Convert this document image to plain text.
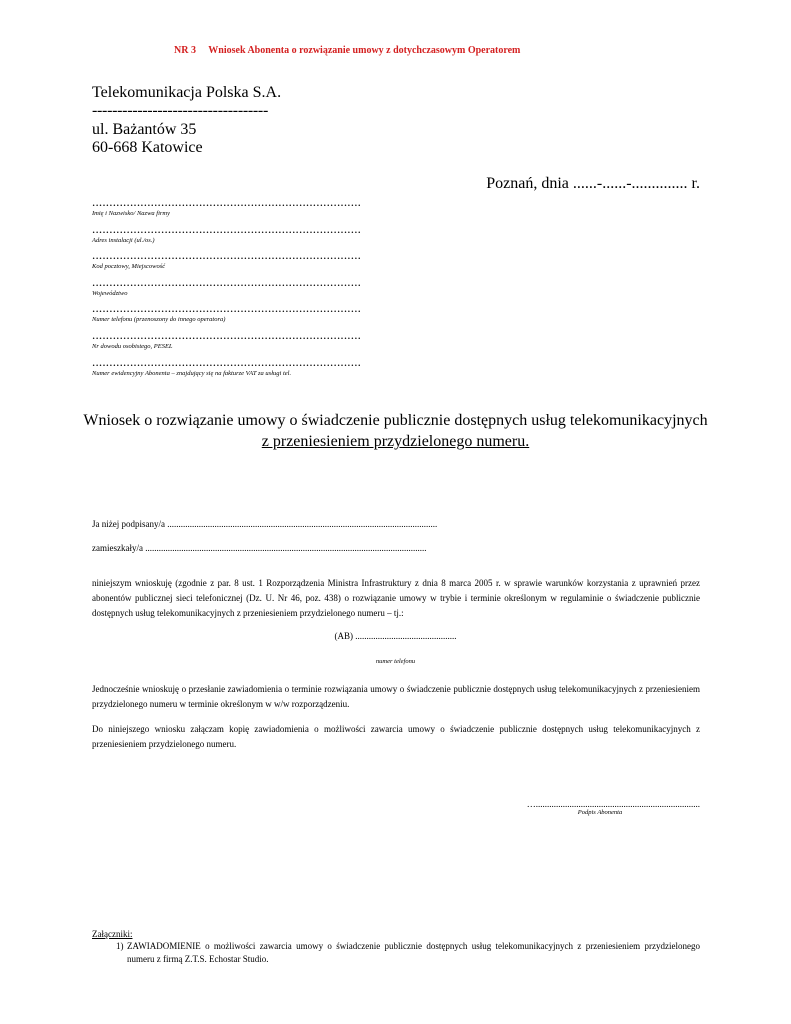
NR 3 Wniosek Abonenta o rozwiązanie umowy z dotychczasowym Operatorem
Telekomunikacja Polska S.A.
-----------------------------------
ul. Bażantów 35
60-668 Katowice
Poznań, dnia ......-......-.............. r.
..............................................................................
Imię i Nazwisko/ Nazwa firmy
..............................................................................
Adres instalacji (ul./os.)
..............................................................................
Kod pocztowy, Miejscowość
..............................................................................
Województwo
..............................................................................
Numer telefonu (przenoszony do innego operatora)
..............................................................................
Nr dowodu osobistego, PESEL
..............................................................................
Numer ewidencyjny Abonenta – znajdujący się na fakturze VAT za usługi tel.
Wniosek o rozwiązanie umowy o świadczenie publicznie dostępnych usług telekomunikacyjnych
z przeniesieniem przydzielonego numeru.
Ja niżej podpisany/a ........................................................................................................................
zamieszkały/a .............................................................................................................................
niniejszym wnioskuję (zgodnie z par. 8 ust. 1 Rozporządzenia Ministra Infrastruktury z dnia 8 marca 2005 r. w sprawie warunków korzystania z uprawnień przez abonentów publicznej sieci telefonicznej (Dz. U. Nr 46, poz. 438) o rozwiązanie umowy w trybie i terminie określonym w regulaminie o świadczenie publicznie dostępnych usług telekomunikacyjnych z przeniesieniem przydzielonego numeru – tj.:
(AB) .............................................
numer telefonu
Jednocześnie wnioskuję o przesłanie zawiadomienia o terminie rozwiązania umowy o świadczenie publicznie dostępnych usług telekomunikacyjnych z przeniesieniem przydzielonego numeru w terminie określonym w w/w rozporządzeniu.
Do niniejszego wniosku załączam kopię zawiadomienia o możliwości zawarcia umowy o świadczenie publicznie dostępnych usług telekomunikacyjnych z przeniesieniem przydzielonego numeru.
….........................................................................
Podpis Abonenta
Załączniki:
1) ZAWIADOMIENIE o możliwości zawarcia umowy o świadczenie publicznie dostępnych usług telekomunikacyjnych z przeniesieniem przydzielonego numeru z firmą Z.T.S. Echostar Studio.
